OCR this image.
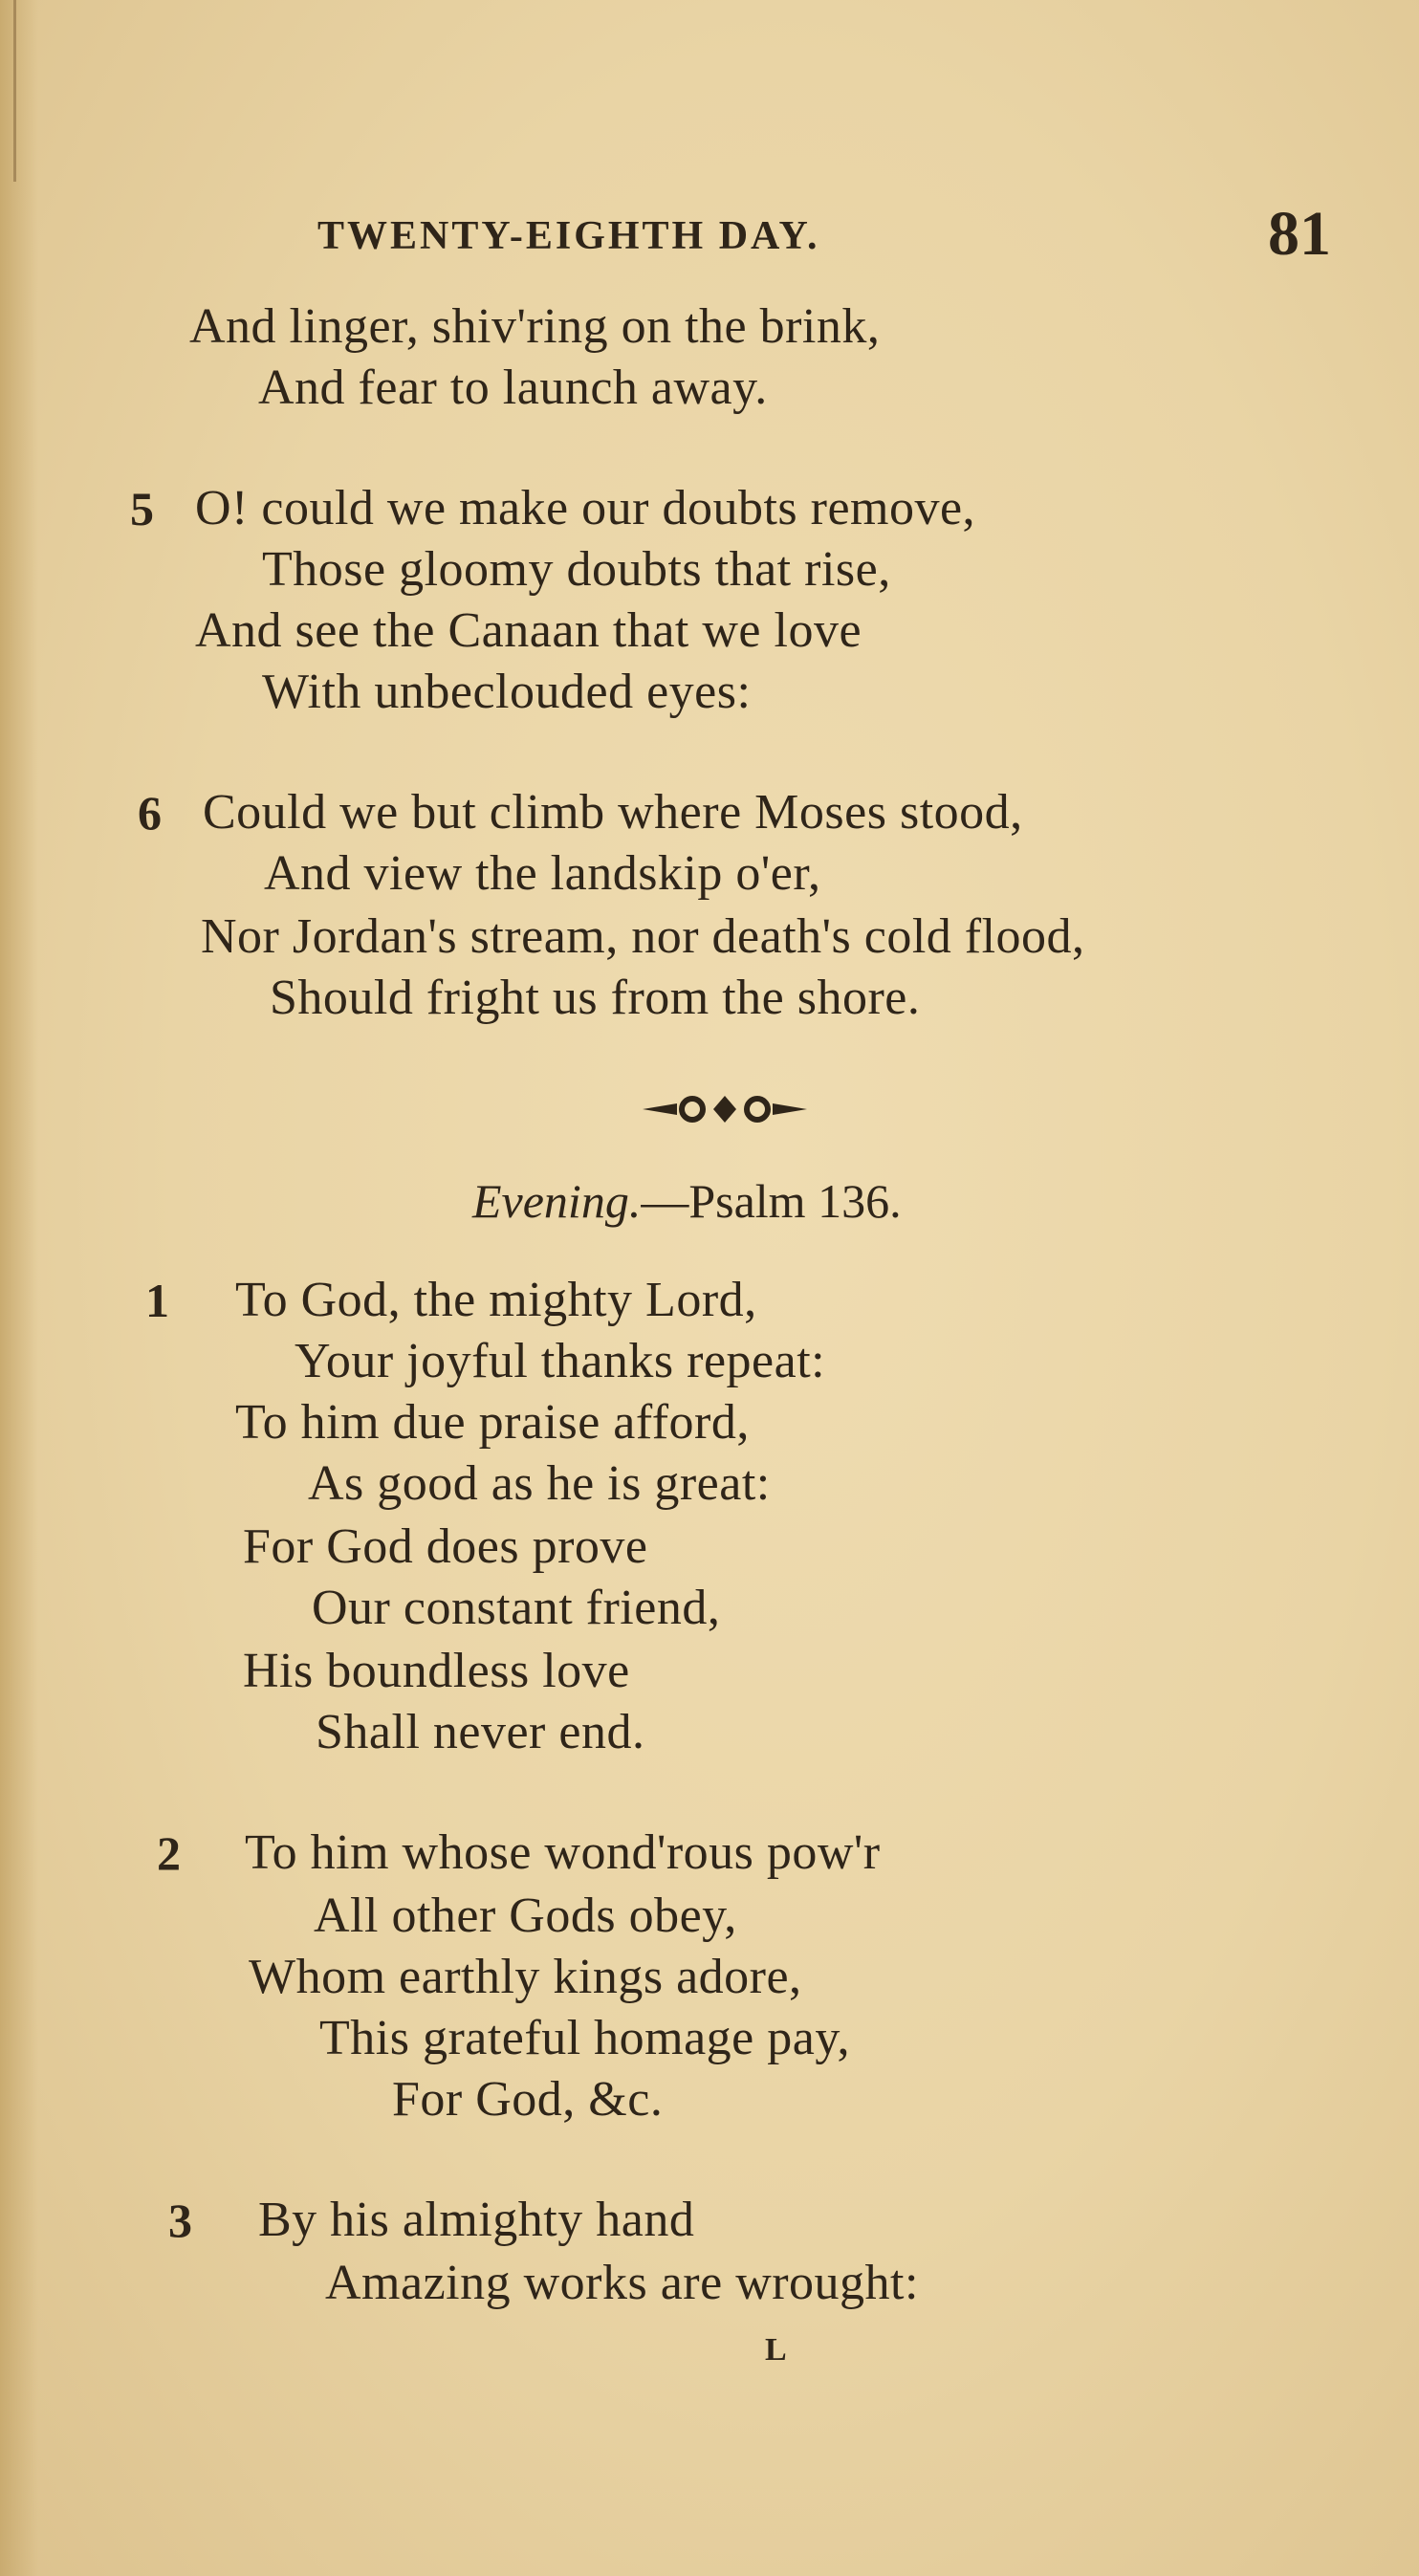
TWENTY-EIGHTH DAY.	81
And linger, shiv'ring on the brink,
And fear to launch away.
5 O! could we make our doubts remove,
Those gloomy doubts that rise,
And see the Canaan that we love
With unbeclouded eyes:
6 Could we but climb where Moses stood,
And view the landskip o'er,
Nor Jordan's stream, nor death's cold flood,
Should fright us from the shore.
Evening.—Psalm 136.
1 To God, the mighty Lord,
Your joyful thanks repeat:
To him due praise afford,
As good as he is great:
For God does prove
Our constant friend,
His boundless love
Shall never end.
2 To him whose wond'rous pow'r
All other Gods obey,
Whom earthly kings adore,
This grateful homage pay,
For God, &c.
3 By his almighty hand
Amazing works are wrought:
L
